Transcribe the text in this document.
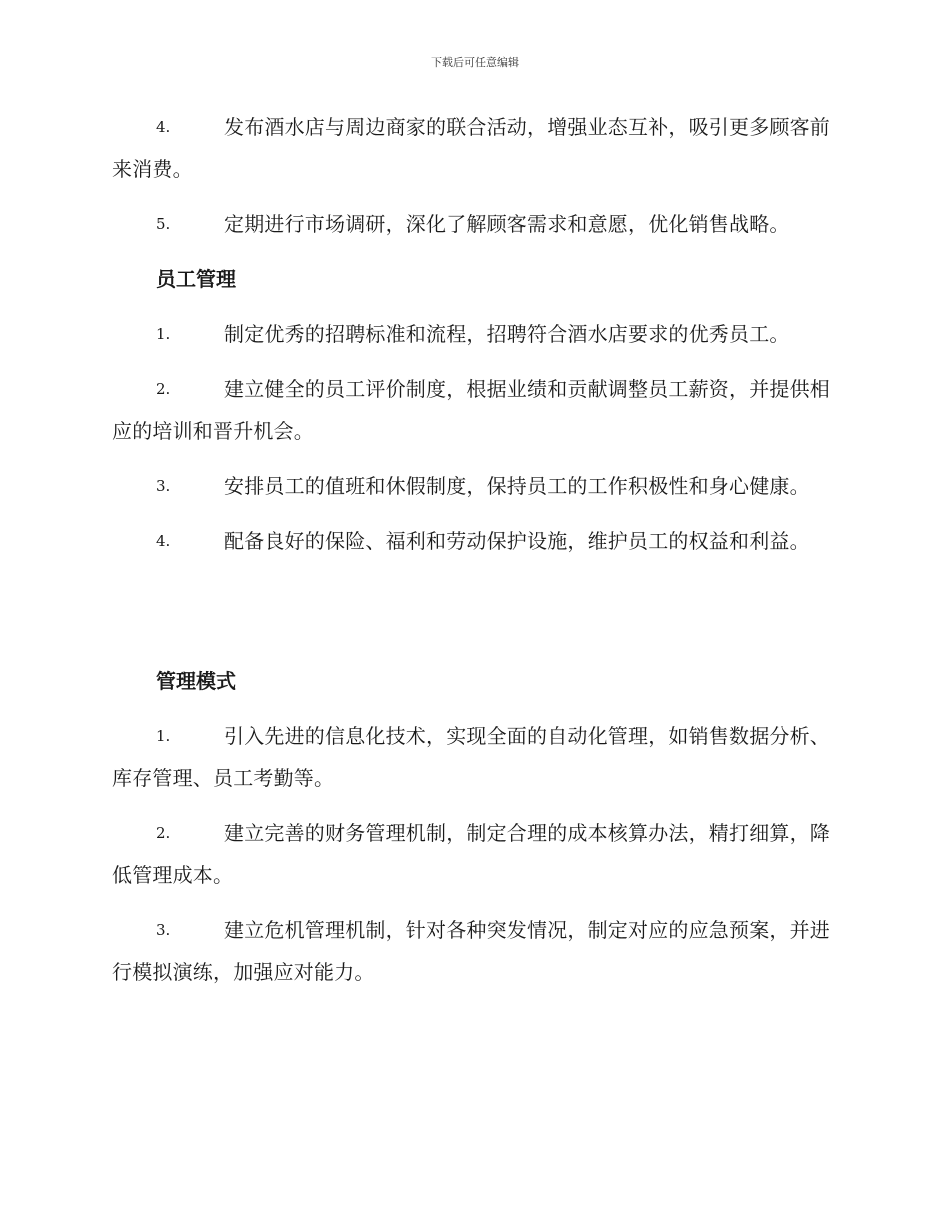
下载后可任意编辑

4.	发布酒水店与周边商家的联合活动，增强业态互补，吸引更多顾客前来消费。

5.	定期进行市场调研，深化了解顾客需求和意愿，优化销售战略。

员工管理

1.	制定优秀的招聘标准和流程，招聘符合酒水店要求的优秀员工。

2.	建立健全的员工评价制度，根据业绩和贡献调整员工薪资，并提供相应的培训和晋升机会。

3.	安排员工的值班和休假制度，保持员工的工作积极性和身心健康。

4.	配备良好的保险、福利和劳动保护设施，维护员工的权益和利益。

管理模式

1.	引入先进的信息化技术，实现全面的自动化管理，如销售数据分析、库存管理、员工考勤等。

2.	建立完善的财务管理机制，制定合理的成本核算办法，精打细算，降低管理成本。

3.	建立危机管理机制，针对各种突发情况，制定对应的应急预案，并进行模拟演练，加强应对能力。
